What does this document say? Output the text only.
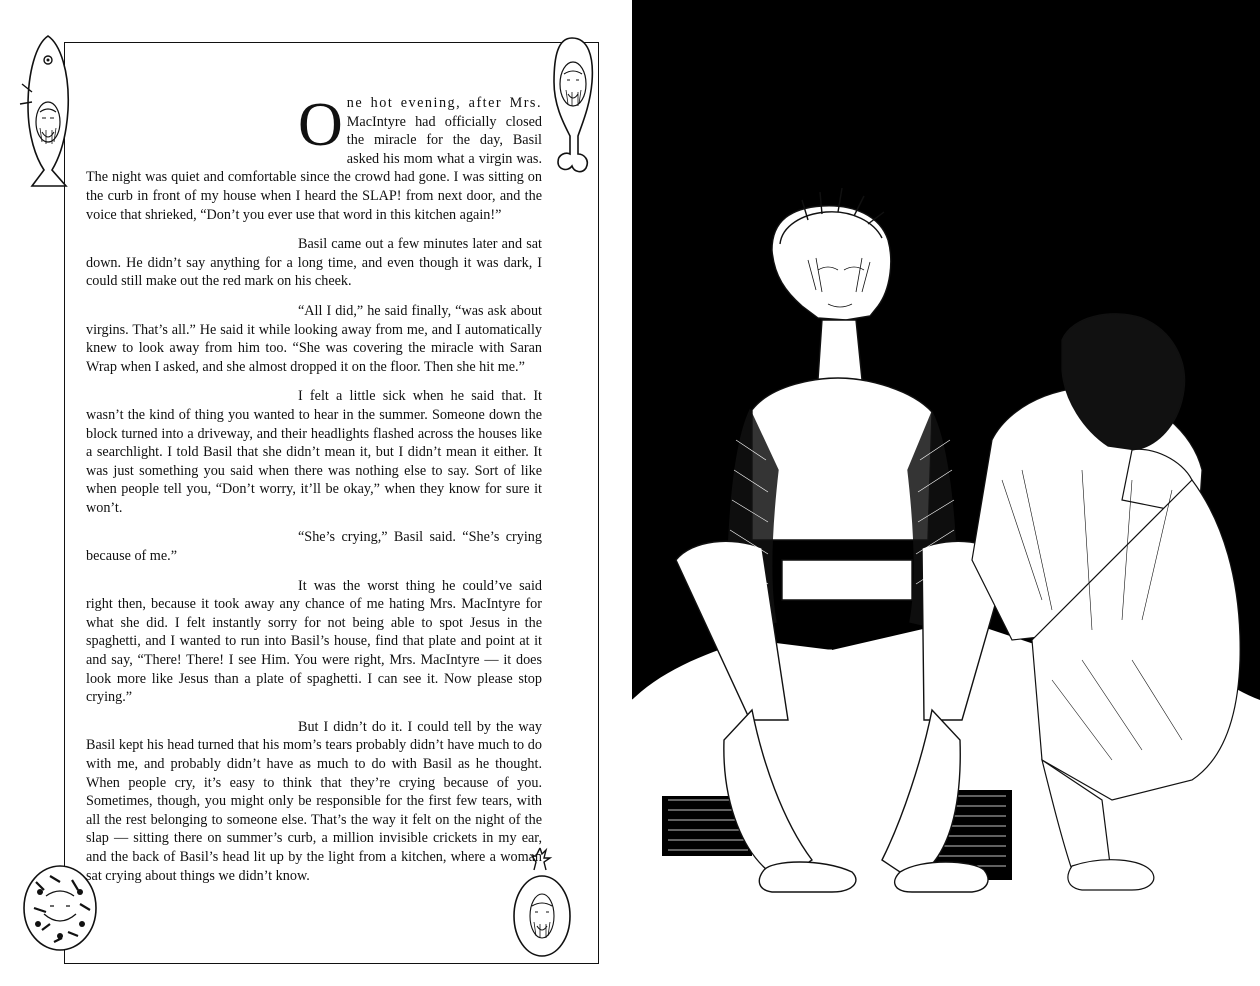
One hot evening, after Mrs. MacIntyre had officially closed the miracle for the day, Basil asked his mom what a virgin was. The night was quiet and comfortable since the crowd had gone. I was sitting on the curb in front of my house when I heard the SLAP! from next door, and the voice that shrieked, “Don’t you ever use that word in this kitchen again!”

Basil came out a few minutes later and sat down. He didn’t say anything for a long time, and even though it was dark, I could still make out the red mark on his cheek.

“All I did,” he said finally, “was ask about virgins. That’s all.” He said it while looking away from me, and I automatically knew to look away from him too. “She was covering the miracle with Saran Wrap when I asked, and she almost dropped it on the floor. Then she hit me.”

I felt a little sick when he said that. It wasn’t the kind of thing you wanted to hear in the summer. Someone down the block turned into a driveway, and their headlights flashed across the houses like a searchlight. I told Basil that she didn’t mean it, but I didn’t mean it either. It was just something you said when there was nothing else to say. Sort of like when people tell you, “Don’t worry, it’ll be okay,” when they know for sure it won’t.

“She’s crying,” Basil said. “She’s crying because of me.”

It was the worst thing he could’ve said right then, because it took away any chance of me hating Mrs. MacIntyre for what she did. I felt instantly sorry for not being able to spot Jesus in the spaghetti, and I wanted to run into Basil’s house, find that plate and point at it and say, “There! There! I see Him. You were right, Mrs. MacIntyre — it does look more like Jesus than a plate of spaghetti. I can see it. Now please stop crying.”

But I didn’t do it. I could tell by the way Basil kept his head turned that his mom’s tears probably didn’t have much to do with me, and probably didn’t have as much to do with Basil as he thought. When people cry, it’s easy to think that they’re crying because of you. Sometimes, though, you might only be responsible for the first few tears, with all the rest belonging to someone else. That’s the way it felt on the night of the slap — sitting there on summer’s curb, a million invisible crickets in my ear, and the back of Basil’s head lit up by the light from a kitchen, where a woman sat crying about things we didn’t know.
